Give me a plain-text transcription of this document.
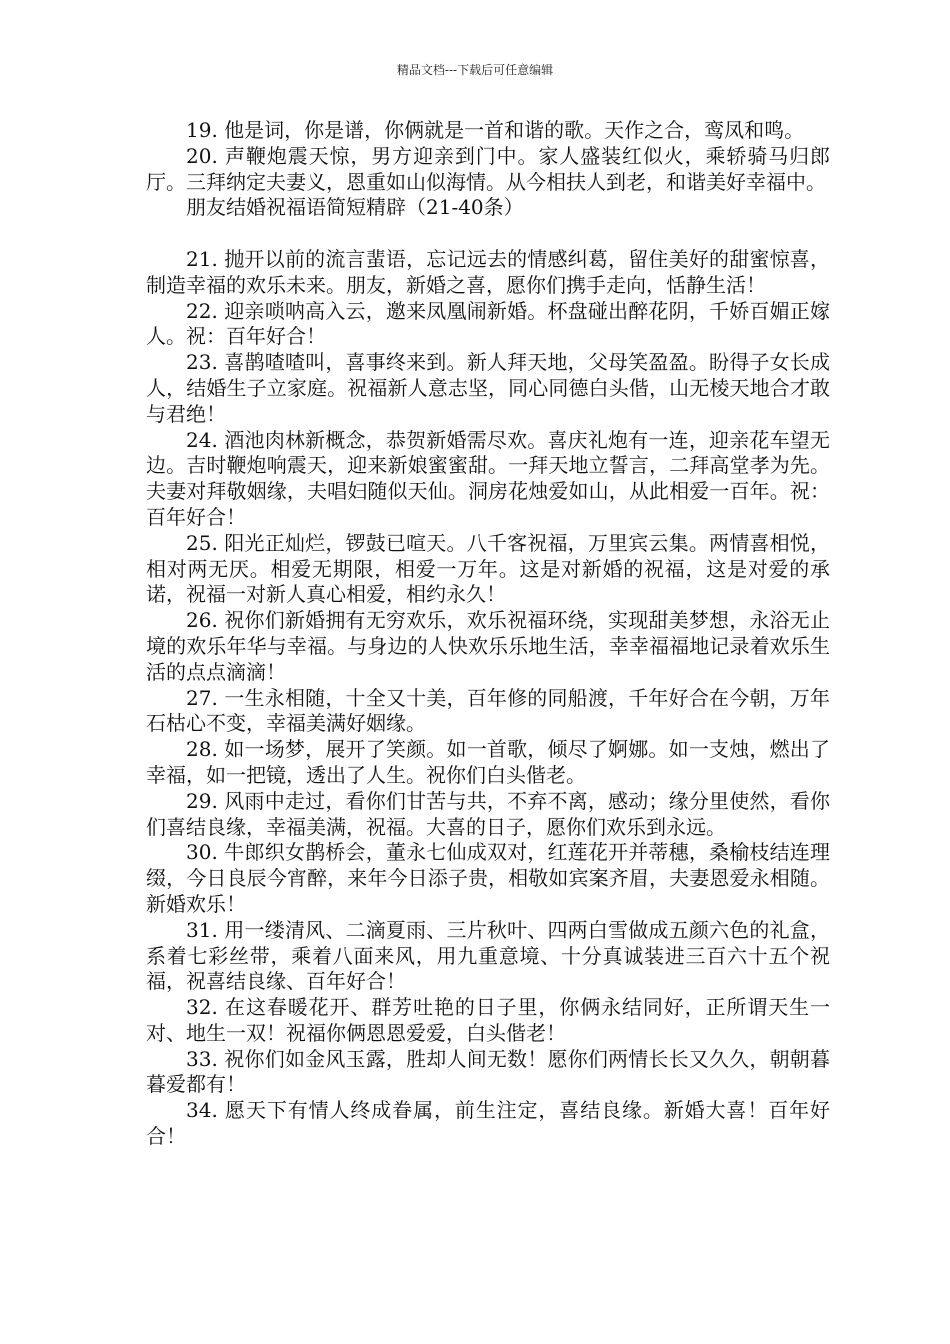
精品文档---下载后可任意编辑

19. 他是词，你是谱，你俩就是一首和谐的歌。天作之合，鸾凤和鸣。

20. 声鞭炮震天惊，男方迎亲到门中。家人盛装红似火，乘轿骑马归郎厅。三拜纳定夫妻义，恩重如山似海情。从今相扶人到老，和谐美好幸福中。

朋友结婚祝福语简短精辟（21-40条）

21. 抛开以前的流言蜚语，忘记远去的情感纠葛，留住美好的甜蜜惊喜，制造幸福的欢乐未来。朋友，新婚之喜，愿你们携手走向，恬静生活！

22. 迎亲唢呐高入云，邀来凤凰闹新婚。杯盘碰出醉花阴，千娇百媚正嫁人。祝：百年好合！

23. 喜鹊喳喳叫，喜事终来到。新人拜天地，父母笑盈盈。盼得子女长成人，结婚生子立家庭。祝福新人意志坚，同心同德白头偕，山无棱天地合才敢与君绝！

24. 酒池肉林新概念，恭贺新婚需尽欢。喜庆礼炮有一连，迎亲花车望无边。吉时鞭炮响震天，迎来新娘蜜蜜甜。一拜天地立誓言，二拜高堂孝为先。夫妻对拜敬姻缘，夫唱妇随似天仙。洞房花烛爱如山，从此相爱一百年。祝：百年好合！

25. 阳光正灿烂，锣鼓已喧天。八千客祝福，万里宾云集。两情喜相悦，相对两无厌。相爱无期限，相爱一万年。这是对新婚的祝福，这是对爱的承诺，祝福一对新人真心相爱，相约永久！

26. 祝你们新婚拥有无穷欢乐，欢乐祝福环绕，实现甜美梦想，永浴无止境的欢乐年华与幸福。与身边的人快欢乐乐地生活，幸幸福福地记录着欢乐生活的点点滴滴！

27. 一生永相随，十全又十美，百年修的同船渡，千年好合在今朝，万年石枯心不变，幸福美满好姻缘。

28. 如一场梦，展开了笑颜。如一首歌，倾尽了婀娜。如一支烛，燃出了幸福，如一把镜，透出了人生。祝你们白头偕老。

29. 风雨中走过，看你们甘苦与共，不弃不离，感动；缘分里使然，看你们喜结良缘，幸福美满，祝福。大喜的日子，愿你们欢乐到永远。

30. 牛郎织女鹊桥会，董永七仙成双对，红莲花开并蒂穗，桑榆枝结连理缀，今日良辰今宵醉，来年今日添子贵，相敬如宾案齐眉，夫妻恩爱永相随。新婚欢乐！

31. 用一缕清风、二滴夏雨、三片秋叶、四两白雪做成五颜六色的礼盒，系着七彩丝带，乘着八面来风，用九重意境、十分真诚装进三百六十五个祝福，祝喜结良缘、百年好合！

32. 在这春暖花开、群芳吐艳的日子里，你俩永结同好，正所谓天生一对、地生一双！祝福你俩恩恩爱爱，白头偕老！

33. 祝你们如金风玉露，胜却人间无数！愿你们两情长长又久久，朝朝暮暮爱都有！

34. 愿天下有情人终成眷属，前生注定，喜结良缘。新婚大喜！百年好合！
